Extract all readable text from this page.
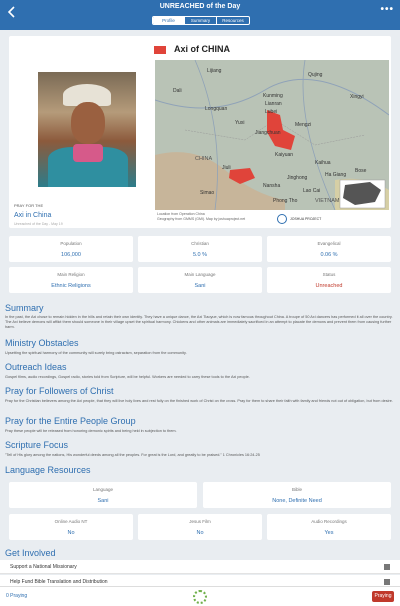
UNREACHED of the Day	•••
Profile	Summary	Resources
PRAY FOR THE
Axi in China
Unreached of the Day - May 19
Axi of CHINA
CHINA
VIETNAM
Lijiang
Qujing
Kunming
Lianran
Lubei
Longquan
Yuxi
Jiangchuan
Mengzi
Kaiyuan
Jiuli
Jinghong
Simao
Nansha
Xingyi
Bose
Dali
Kaihua
Lao Cai
Phong Tho
Ha Giang
Location from Operation China
Geography from GMMS (GMI). Map by joshuaproject.net	JOSHUA PROJECT
Population
106,000
Christian
5.0 %
Evangelical
0.06 %
Main Religion
Ethnic Religions
Main Language
Sani
Status
Unreached
Summary
In the past, the Axi chose to remain hidden in the hills and retain their own identity. They have a unique dance, the Axi Tiaoyue, which is now famous throughout China. A troupe of 50 Axi dancers has performed it all over the country. The Axi believe demons will afflict them should someone in their village upset the spiritual harmony. Chickens and other animals are immediately sacrificed in an attempt to placate the demons and prevent them from causing further harm.
Ministry Obstacles
Upsetting the spiritual harmony of the community will surely bring ostracism, separation from the community.
Outreach Ideas
Gospel films, audio recordings, Gospel radio, stories told from Scripture, will be helpful. Workers are needed to carry these tools to the Axi people.
Pray for Followers of Christ
Pray for the Christian believers among the Axi people, that they will live holy lives and rest fully on the finished work of Christ on the cross. Pray for them to share their faith with family and friends not out of obligation, but from desire.
Pray for the Entire People Group
Pray these people will be released from honoring demonic spirits and being held in subjection to them.
Scripture Focus
"Tell of His glory among the nations, His wonderful deeds among all the peoples. For great is the Lord, and greatly to be praised." 1 Chronicles 16:24-25
Language Resources
Language
Sani
Bible
None, Definite Need
Online Audio NT
No
Jesus Film
No
Audio Recordings
Yes
Get Involved
Support a National Missionary
Help Fund Bible Translation and Distribution
0 Praying	Praying
